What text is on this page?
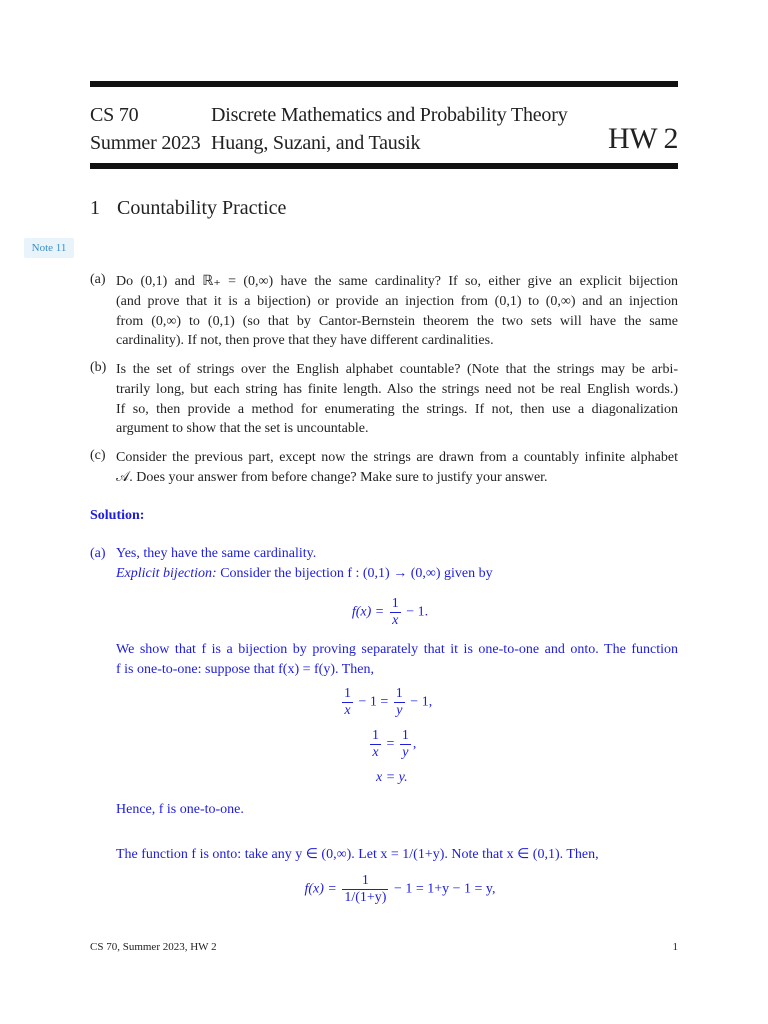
CS 70	Discrete Mathematics and Probability Theory
Summer 2023 Huang, Suzani, and Tausik	HW 2
1 Countability Practice
Note 11
(a) Do (0,1) and ℝ₊ = (0,∞) have the same cardinality? If so, either give an explicit bijection
(and prove that it is a bijection) or provide an injection from (0,1) to (0,∞) and an injection
from (0,∞) to (0,1) (so that by Cantor-Bernstein theorem the two sets will have the same
cardinality). If not, then prove that they have different cardinalities.
(b) Is the set of strings over the English alphabet countable? (Note that the strings may be arbi-
trarily long, but each string has finite length. Also the strings need not be real English words.)
If so, then provide a method for enumerating the strings. If not, then use a diagonalization
argument to show that the set is uncountable.
(c) Consider the previous part, except now the strings are drawn from a countably infinite alphabet
𝒜. Does your answer from before change? Make sure to justify your answer.
Solution:
(a) Yes, they have the same cardinality.
Explicit bijection: Consider the bijection f : (0,1) → (0,∞) given by
$f(x) = \frac{1}{x} - 1$.
We show that f is a bijection by proving separately that it is one-to-one and onto. The function
f is one-to-one: suppose that f(x) = f(y). Then,
$\frac{1}{x} - 1 = \frac{1}{y} - 1$,
$\frac{1}{x} = \frac{1}{y}$ ,
x = y.
Hence, f is one-to-one.
The function f is onto: take any y ∈ (0,∞). Let x = 1/(1+y). Note that x ∈ (0,1). Then,
$f(x) = \frac{1}{1/(1+y)} - 1 = 1+y - 1 = y$,
CS 70, Summer 2023, HW 2	1
